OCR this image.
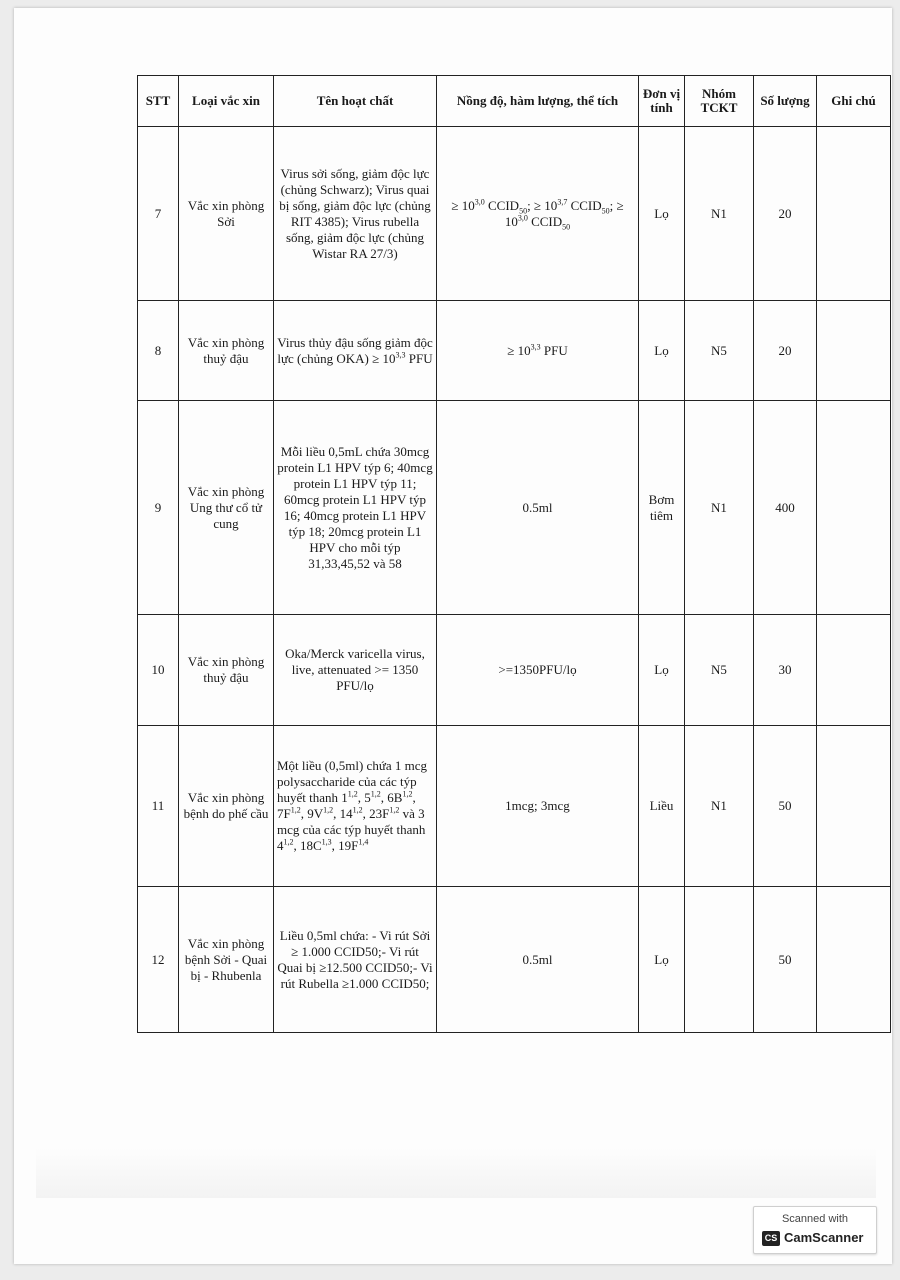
STT	Loại vắc xin	Tên hoạt chất	Nồng độ, hàm lượng, thể tích	Đơn vị tính	Nhóm TCKT	Số lượng	Ghi chú
7	Vắc xin phòng Sởi	Virus sởi sống, giảm độc lực (chủng Schwarz); Virus quai bị sống, giảm độc lực (chủng RIT 4385); Virus rubella sống, giảm độc lực (chủng Wistar RA 27/3)	≥ $10^{3,0}$ $CCID_{50}$; ≥ $10^{3,7}$ $CCID_{50}$; ≥ $10^{3,0}$ $CCID_{50}$	Lọ	N1	20	
8	Vắc xin phòng thuỷ đậu	Virus thủy đậu sống giảm độc lực (chủng $OKA) \ge 10^{3,3}$ PFU	≥ $10^{3,3}$ PFU	Lọ	N5	20	
9	Vắc xin phòng Ung thư cổ tử cung	Mỗi liều 0,5mL chứa 30mcg protein L1 HPV týp 6; 40mcg protein L1 HPV týp 11; 60mcg protein L1 HPV týp 16; 40mcg protein L1 HPV týp 18; 20mcg protein L1 HPV cho mỗi týp 31,33,45,52 và 58	0.5ml	Bơm tiêm	N1	400	
10	Vắc xin phòng thuỷ đậu	Oka/Merck varicella virus, live, attenuated >= 1350 PFU/lọ	>=1350PFU/lọ	Lọ	N5	30	
11	Vắc xin phòng bệnh do phế cầu	Một liều (0,5ml) chứa 1 mcg polysaccharide của các týp huyết thanh 1$^{1,2}$, 5$^{1,2}$, $6B^{1,2}$, $7F^{1,2}$, $9V^{1,2}$, 14$^{1,2}$, $23F^{1,2}$ và 3 mcg của các týp huyết thanh 4$^{1,2}$, $18C^{1,3}$, $19F^{1,4}$	1mcg; 3mcg	Liều	N1	50	
12	Vắc xin phòng bệnh Sởi - Quai bị - Rhubenla	Liều 0,5ml chứa: - Vi rút Sởi ≥ 1.000 CCID50;- Vi rút Quai bị ≥12.500 CCID50;- Vi rút Rubella ≥1.000 CCID50;	0.5ml	Lọ		50	
Scanned with
CS CamScanner
